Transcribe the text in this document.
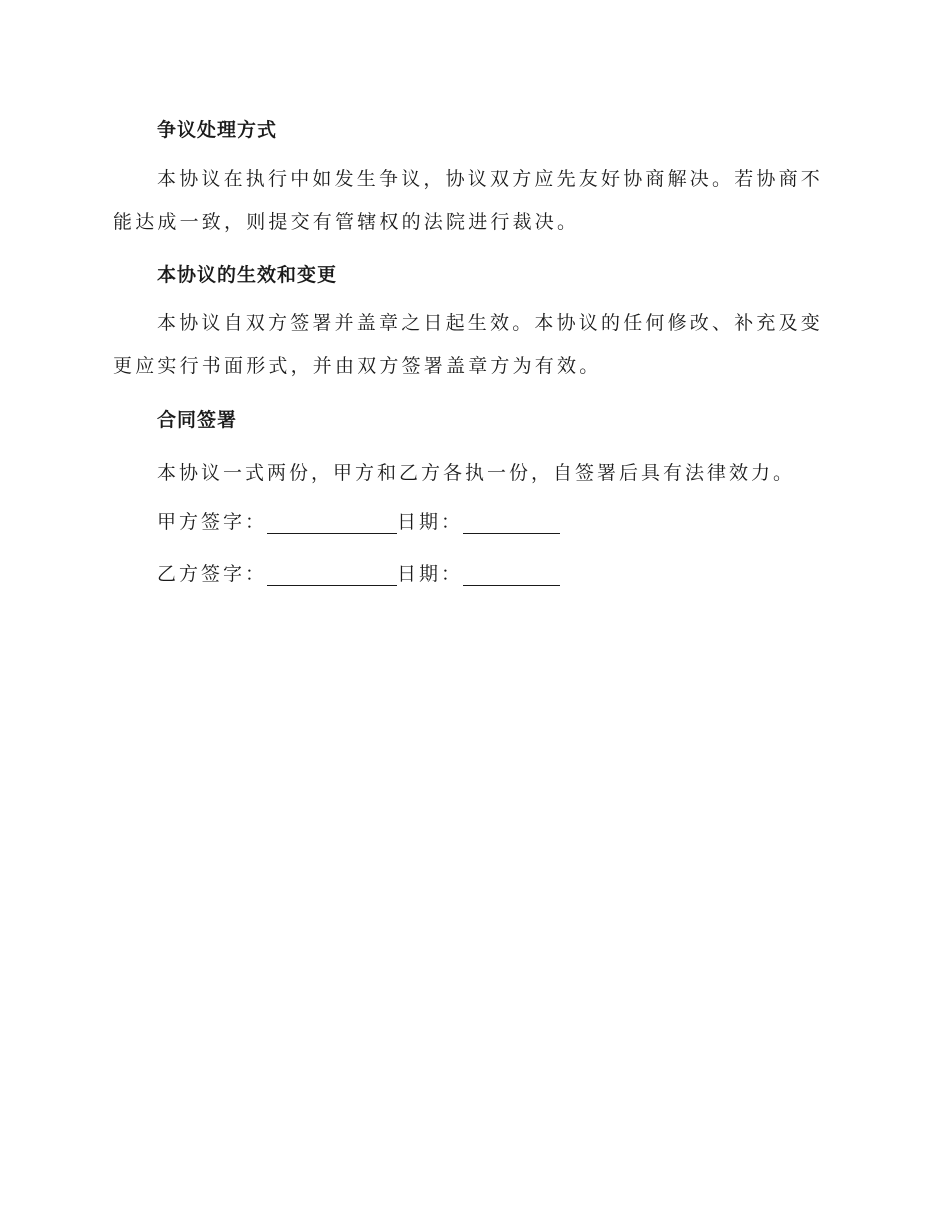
争议处理方式
本协议在执行中如发生争议，协议双方应先友好协商解决。若协商不能达成一致，则提交有管辖权的法院进行裁决。
本协议的生效和变更
本协议自双方签署并盖章之日起生效。本协议的任何修改、补充及变更应实行书面形式，并由双方签署盖章方为有效。
合同签署
本协议一式两份，甲方和乙方各执一份，自签署后具有法律效力。
甲方签字：	日期：
乙方签字：	日期：
